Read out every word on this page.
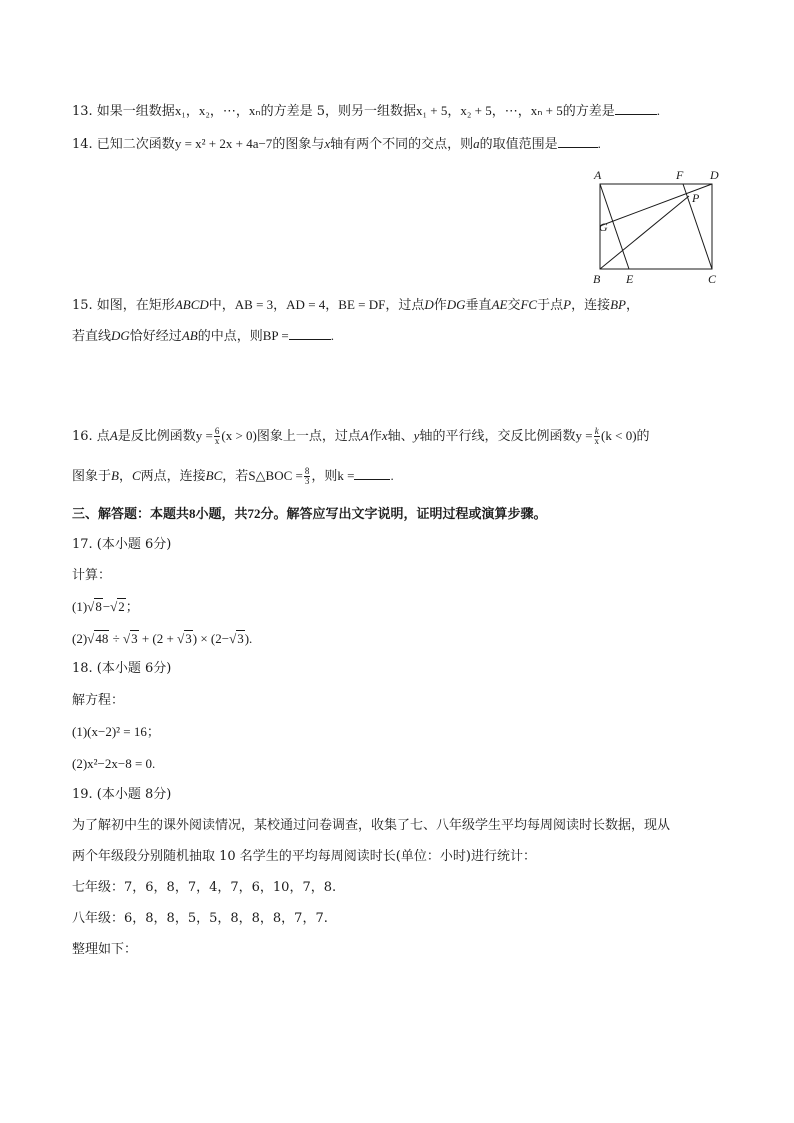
13. 如果一组数据x₁，x₂，⋯，xₙ的方差是 5，则另一组数据x₁ + 5，x₂ + 5，⋯，xₙ + 5的方差是	.
14. 已知二次函数y = x² + 2x + 4a−7的图象与x轴有两个不同的交点，则a的取值范围是	.
A	F D
P
G
B E	C
15. 如图，在矩形ABCD中，AB = 3，AD = 4，BE = DF，过点D作DG垂直AE交FC于点P，连接BP，
若直线DG恰好经过AB的中点，则BP =	.
16. 点A是反比例函数$y = \frac{6}{x} (x > 0)$图象上一点，过点A作x轴、y轴的平行线，交反比例函数$y = \frac{k}{x} (k < 0)$的
图象于B，C两点，连接BC，若S△BOC = $\frac{8}{3}$ ，则k =	.
三、解答题：本题共8小题，共72分。解答应写出文字说明，证明过程或演算步骤。
17. (本小题 6分)
计算：
(1)√8−√2；
(2)√48 ÷ √3 + (2 + √3) × (2−√3).
18. (本小题 6分)
解方程：
(1)(x−2)² = 16；
(2)x²−2x−8 = 0.
19. (本小题 8分)
为了解初中生的课外阅读情况，某校通过问卷调查，收集了七、八年级学生平均每周阅读时长数据，现从
两个年级段分别随机抽取 10 名学生的平均每周阅读时长(单位：小时)进行统计：
七年级：7，6，8，7，4，7，6，10，7，8.
八年级：6，8，8，5，5，8，8，8，7，7.
整理如下：
